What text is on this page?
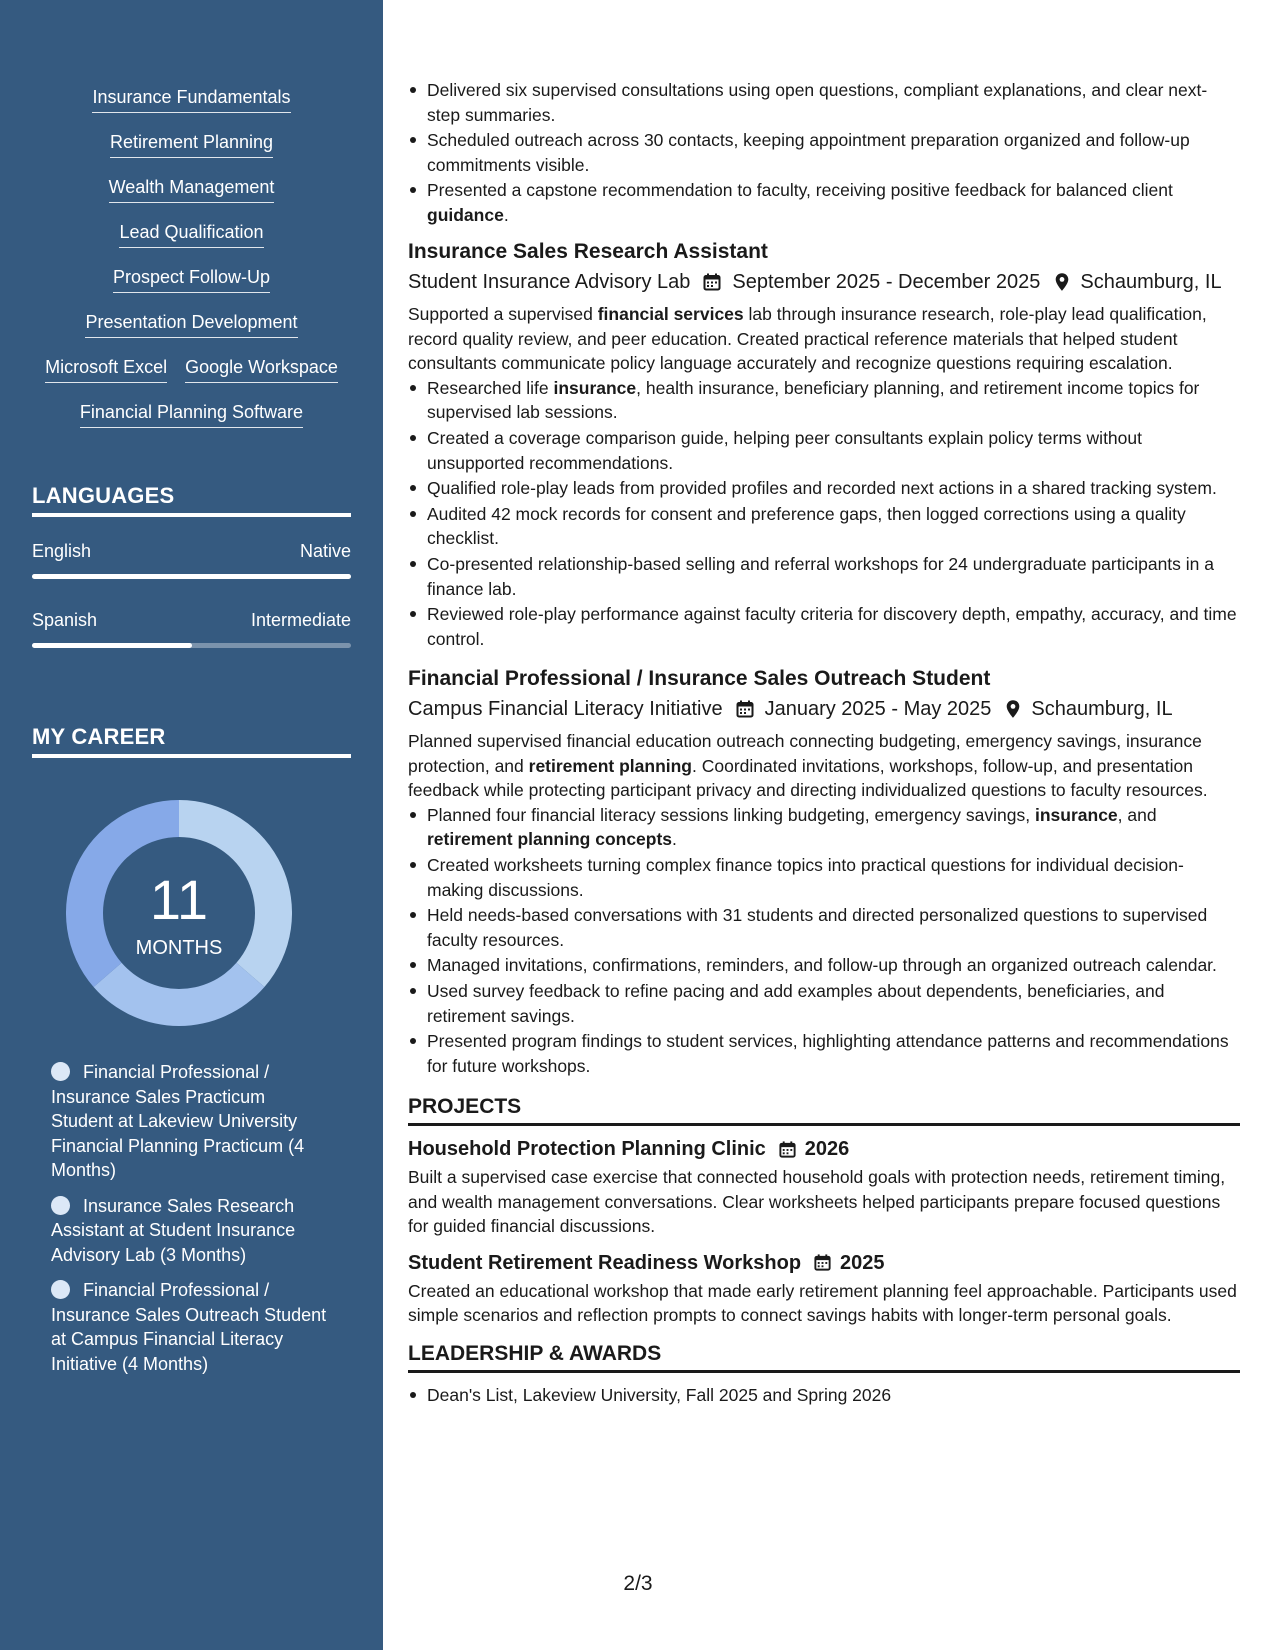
Insurance Fundamentals
Retirement Planning
Wealth Management
Lead Qualification
Prospect Follow-Up
Presentation Development
Microsoft Excel Google Workspace
Financial Planning Software
LANGUAGES
English	Native
Spanish	Intermediate
MY CAREER
11
MONTHS
Financial Professional / Insurance Sales Practicum Student at Lakeview University Financial Planning Practicum (4 Months)
Insurance Sales Research Assistant at Student Insurance Advisory Lab (3 Months)
Financial Professional / Insurance Sales Outreach Student at Campus Financial Literacy Initiative (4 Months)
Delivered six supervised consultations using open questions, compliant explanations, and clear next-step summaries.
Scheduled outreach across 30 contacts, keeping appointment preparation organized and follow-up commitments visible.
Presented a capstone recommendation to faculty, receiving positive feedback for balanced client guidance.
Insurance Sales Research Assistant
Student Insurance Advisory Lab September 2025 - December 2025 Schaumburg, IL
Supported a supervised financial services lab through insurance research, role-play lead qualification, record quality review, and peer education. Created practical reference materials that helped student consultants communicate policy language accurately and recognize questions requiring escalation.
Researched life insurance, health insurance, beneficiary planning, and retirement income topics for supervised lab sessions.
Created a coverage comparison guide, helping peer consultants explain policy terms without unsupported recommendations.
Qualified role-play leads from provided profiles and recorded next actions in a shared tracking system.
Audited 42 mock records for consent and preference gaps, then logged corrections using a quality checklist.
Co-presented relationship-based selling and referral workshops for 24 undergraduate participants in a finance lab.
Reviewed role-play performance against faculty criteria for discovery depth, empathy, accuracy, and time control.
Financial Professional / Insurance Sales Outreach Student
Campus Financial Literacy Initiative January 2025 - May 2025 Schaumburg, IL
Planned supervised financial education outreach connecting budgeting, emergency savings, insurance protection, and retirement planning. Coordinated invitations, workshops, follow-up, and presentation feedback while protecting participant privacy and directing individualized questions to faculty resources.
Planned four financial literacy sessions linking budgeting, emergency savings, insurance, and retirement planning concepts.
Created worksheets turning complex finance topics into practical questions for individual decision-making discussions.
Held needs-based conversations with 31 students and directed personalized questions to supervised faculty resources.
Managed invitations, confirmations, reminders, and follow-up through an organized outreach calendar.
Used survey feedback to refine pacing and add examples about dependents, beneficiaries, and retirement savings.
Presented program findings to student services, highlighting attendance patterns and recommendations for future workshops.
PROJECTS
Household Protection Planning Clinic 2026
Built a supervised case exercise that connected household goals with protection needs, retirement timing, and wealth management conversations. Clear worksheets helped participants prepare focused questions for guided financial discussions.
Student Retirement Readiness Workshop 2025
Created an educational workshop that made early retirement planning feel approachable. Participants used simple scenarios and reflection prompts to connect savings habits with longer-term personal goals.
LEADERSHIP & AWARDS
Dean's List, Lakeview University, Fall 2025 and Spring 2026
2/3
